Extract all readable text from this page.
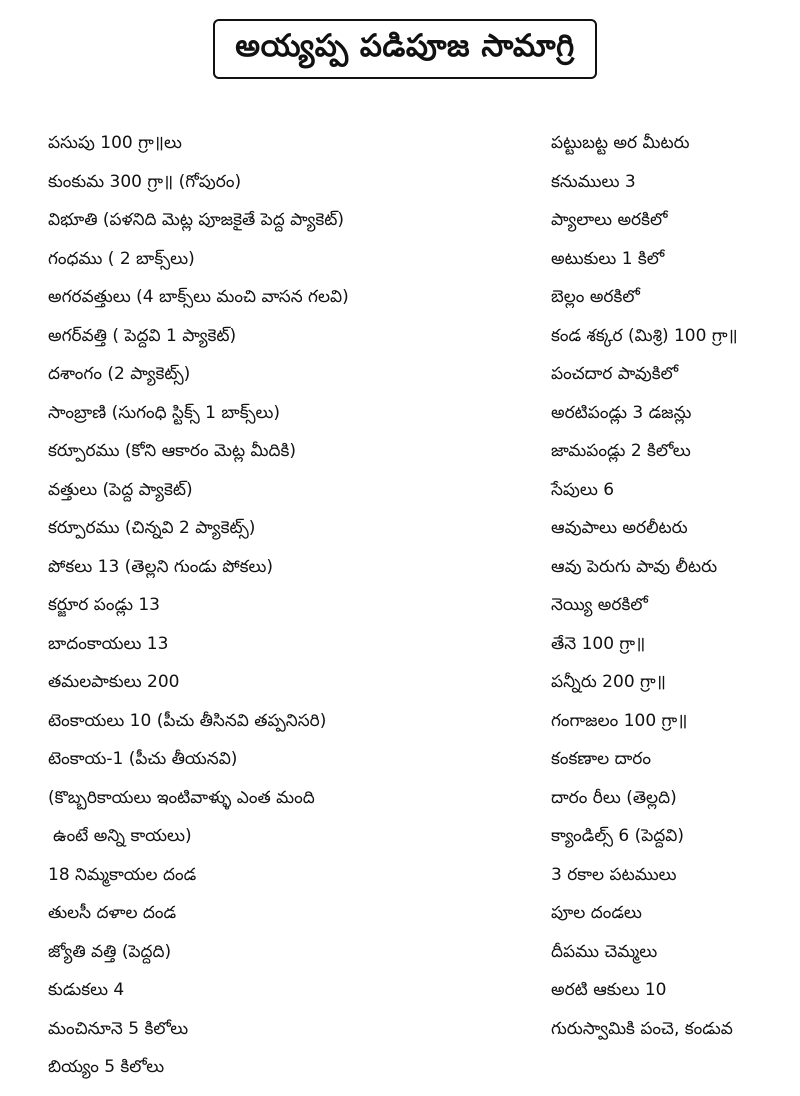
అయ్యప్ప పడిపూజ సామాగ్రి
పసుపు 100 గ్రా॥లు
కుంకుమ 300 గ్రా॥ (గోపురం)
విభూతి (పళనిది మెట్ల పూజకైతే పెద్ద ప్యాకెట్)
గంధము ( 2 బాక్స్‌లు)
అగరవత్తులు (4 బాక్స్‌లు మంచి వాసన గలవి)
అగర్‌వత్తి ( పెద్దవి 1 ప్యాకెట్)
దశాంగం (2 ప్యాకెట్స్)
సాంబ్రాణి (సుగంధి స్టిక్స్ 1 బాక్స్‌లు)
కర్పూరము (కోని ఆకారం మెట్ల మీదికి)
వత్తులు (పెద్ద ప్యాకెట్)
కర్పూరము (చిన్నవి 2 ప్యాకెట్స్)
పోకలు 13 (తెల్లని గుండు పోకలు)
కర్జూర పండ్లు 13
బాదంకాయలు 13
తమలపాకులు 200
టెంకాయలు 10 (పీచు తీసినవి తప్పనిసరి)
టెంకాయ-1 (పీచు తీయనవి)
(కొబ్బరికాయలు ఇంటివాళ్ళు ఎంత మంది
ఉంటే అన్ని కాయలు)
18 నిమ్మకాయల దండ
తులసీ దళాల దండ
జ్యోతి వత్తి (పెద్దది)
కుడుకలు 4
మంచినూనె 5 కిలోలు
బియ్యం 5 కిలోలు
పట్టుబట్ట అర మీటరు
కనుములు 3
ప్యాలాలు అరకిలో
అటుకులు 1 కిలో
బెల్లం అరకిలో
కండ శక్కర (మిశ్రి) 100 గ్రా॥
పంచదార పావుకిలో
అరటిపండ్లు 3 డజన్లు
జామపండ్లు 2 కిలోలు
సేపులు 6
ఆవుపాలు అరలీటరు
ఆవు పెరుగు పావు లీటరు
నెయ్యి అరకిలో
తేనె 100 గ్రా॥
పన్నీరు 200 గ్రా॥
గంగాజలం 100 గ్రా॥
కంకణాల దారం
దారం రీలు (తెల్లది)
క్యాండిల్స్ 6 (పెద్దవి)
3 రకాల పటములు
పూల దండలు
దీపము చెమ్మలు
అరటి ఆకులు 10
గురుస్వామికి పంచె, కండువ
